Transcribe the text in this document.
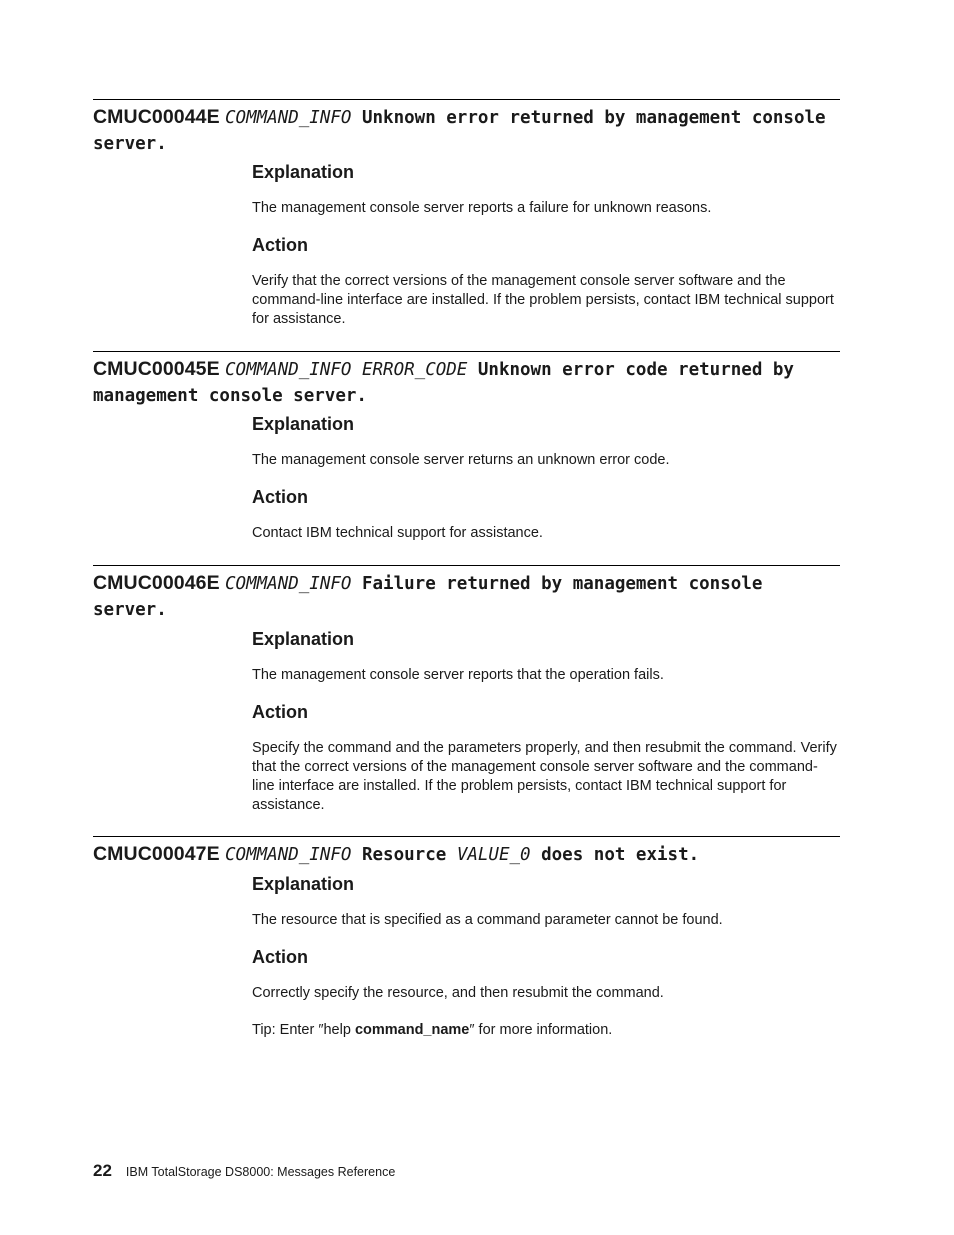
CMUC00044E COMMAND_INFO Unknown error returned by management console server.

Explanation

The management console server reports a failure for unknown reasons.

Action

Verify that the correct versions of the management console server software and the command-line interface are installed. If the problem persists, contact IBM technical support for assistance.

CMUC00045E COMMAND_INFO ERROR_CODE Unknown error code returned by management console server.

Explanation

The management console server returns an unknown error code.

Action

Contact IBM technical support for assistance.

CMUC00046E COMMAND_INFO Failure returned by management console server.

Explanation

The management console server reports that the operation fails.

Action

Specify the command and the parameters properly, and then resubmit the command. Verify that the correct versions of the management console server software and the command-line interface are installed. If the problem persists, contact IBM technical support for assistance.

CMUC00047E COMMAND_INFO Resource VALUE_0 does not exist.

Explanation

The resource that is specified as a command parameter cannot be found.

Action

Correctly specify the resource, and then resubmit the command.

Tip: Enter ″help command_name″ for more information.

22 IBM TotalStorage DS8000: Messages Reference
